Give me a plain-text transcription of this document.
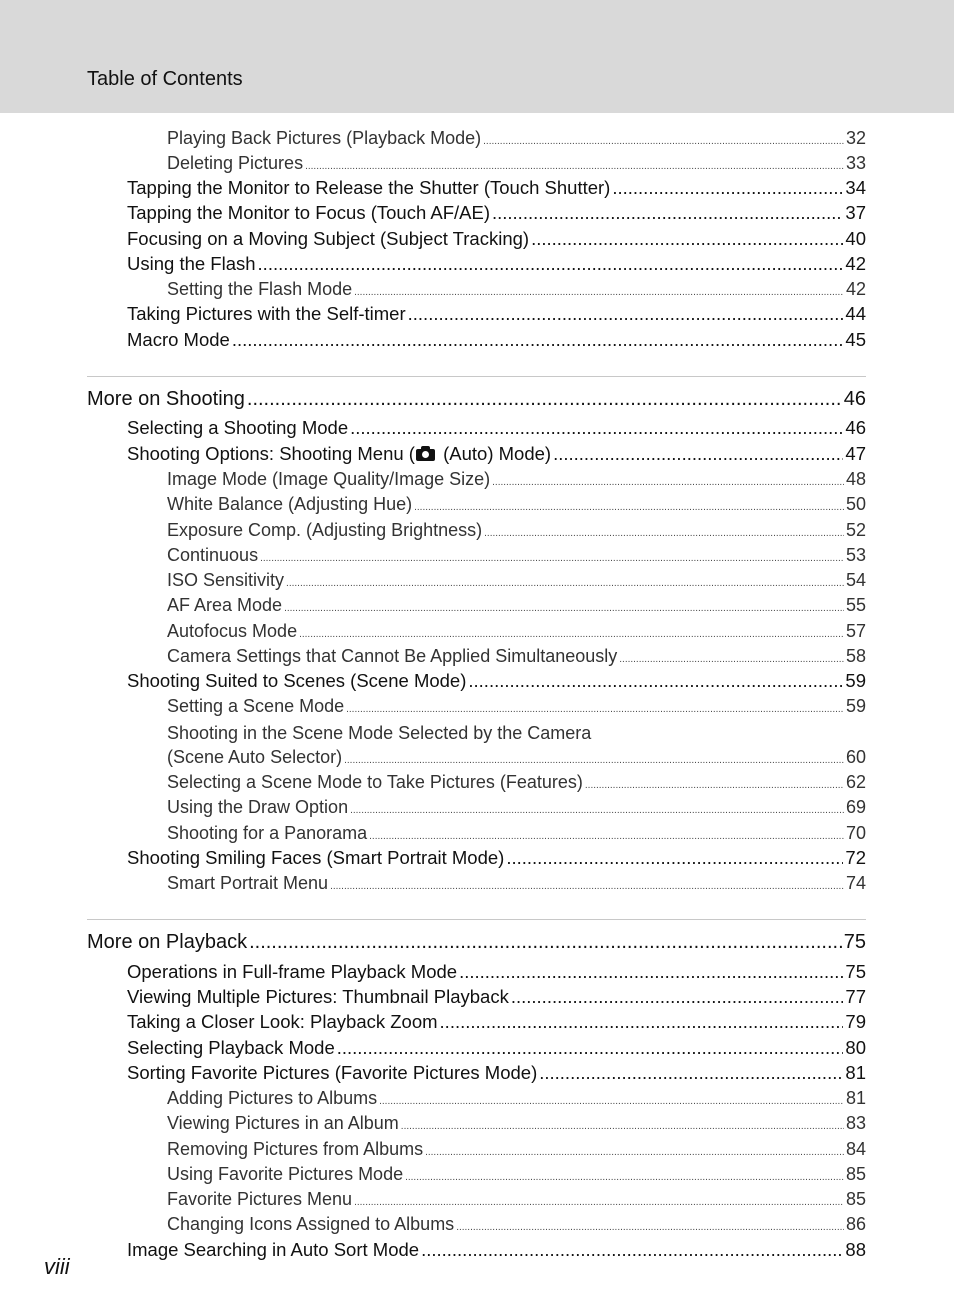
Table of Contents
Playing Back Pictures (Playback Mode) .....	32
Deleting Pictures .....	33
Tapping the Monitor to Release the Shutter (Touch Shutter) .....	34
Tapping the Monitor to Focus (Touch AF/AE) .....	37
Focusing on a Moving Subject (Subject Tracking) .....	40
Using the Flash .....	42
Setting the Flash Mode .....	42
Taking Pictures with the Self-timer .....	44
Macro Mode .....	45
More on Shooting .....	46
Selecting a Shooting Mode .....	46
Shooting Options: Shooting Menu (
(Auto) Mode) .....	47
Image Mode (Image Quality/Image Size) .....	48
White Balance (Adjusting Hue) .....	50
Exposure Comp. (Adjusting Brightness) .....	52
Continuous .....	53
ISO Sensitivity .....	54
AF Area Mode .....	55
Autofocus Mode .....	57
Camera Settings that Cannot Be Applied Simultaneously .....	58
Shooting Suited to Scenes (Scene Mode) .....	59
Setting a Scene Mode .....	59
Shooting in the Scene Mode Selected by the Camera
(Scene Auto Selector) .....	60
Selecting a Scene Mode to Take Pictures (Features) .....	62
Using the Draw Option .....	69
Shooting for a Panorama .....	70
Shooting Smiling Faces (Smart Portrait Mode) .....	72
Smart Portrait Menu .....	74
More on Playback .....	75
Operations in Full-frame Playback Mode .....	75
Viewing Multiple Pictures: Thumbnail Playback .....	77
Taking a Closer Look: Playback Zoom .....	79
Selecting Playback Mode .....	80
Sorting Favorite Pictures (Favorite Pictures Mode) .....	81
Adding Pictures to Albums .....	81
Viewing Pictures in an Album .....	83
Removing Pictures from Albums .....	84
Using Favorite Pictures Mode .....	85
Favorite Pictures Menu .....	85
Changing Icons Assigned to Albums .....	86
Image Searching in Auto Sort Mode .....	88
viii
